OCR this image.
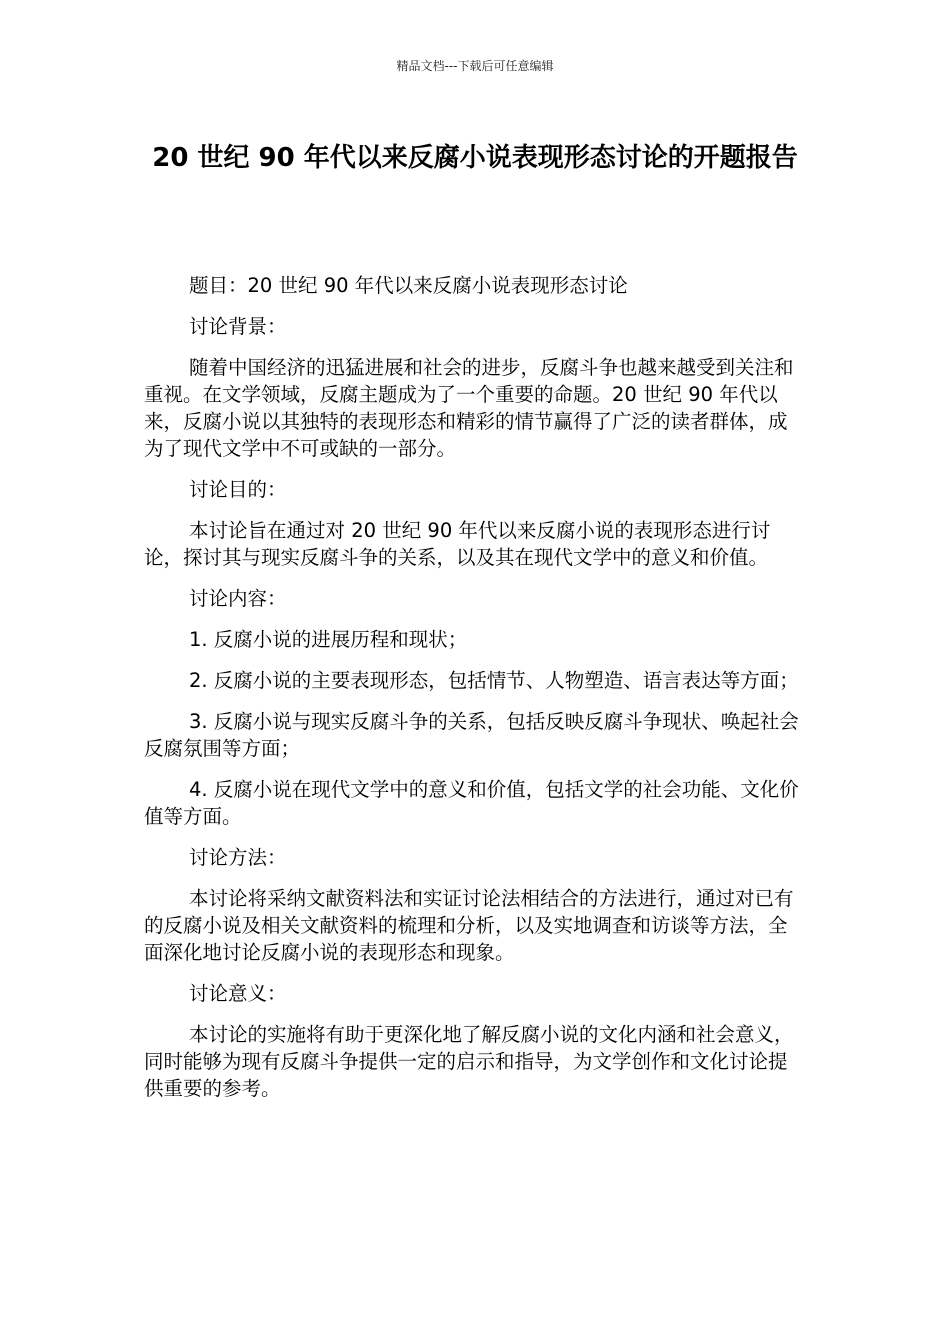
精品文档---下载后可任意编辑
20 世纪 90 年代以来反腐小说表现形态讨论的开题报告

题目：20 世纪 90 年代以来反腐小说表现形态讨论

讨论背景：

随着中国经济的迅猛进展和社会的进步，反腐斗争也越来越受到关注和重视。在文学领域，反腐主题成为了一个重要的命题。20 世纪 90 年代以来，反腐小说以其独特的表现形态和精彩的情节赢得了广泛的读者群体，成为了现代文学中不可或缺的一部分。

讨论目的：

本讨论旨在通过对 20 世纪 90 年代以来反腐小说的表现形态进行讨论，探讨其与现实反腐斗争的关系，以及其在现代文学中的意义和价值。

讨论内容：

1. 反腐小说的进展历程和现状；

2. 反腐小说的主要表现形态，包括情节、人物塑造、语言表达等方面；

3. 反腐小说与现实反腐斗争的关系，包括反映反腐斗争现状、唤起社会反腐氛围等方面；

4. 反腐小说在现代文学中的意义和价值，包括文学的社会功能、文化价值等方面。

讨论方法：

本讨论将采纳文献资料法和实证讨论法相结合的方法进行，通过对已有的反腐小说及相关文献资料的梳理和分析，以及实地调查和访谈等方法，全面深化地讨论反腐小说的表现形态和现象。

讨论意义：

本讨论的实施将有助于更深化地了解反腐小说的文化内涵和社会意义，同时能够为现有反腐斗争提供一定的启示和指导，为文学创作和文化讨论提供重要的参考。
